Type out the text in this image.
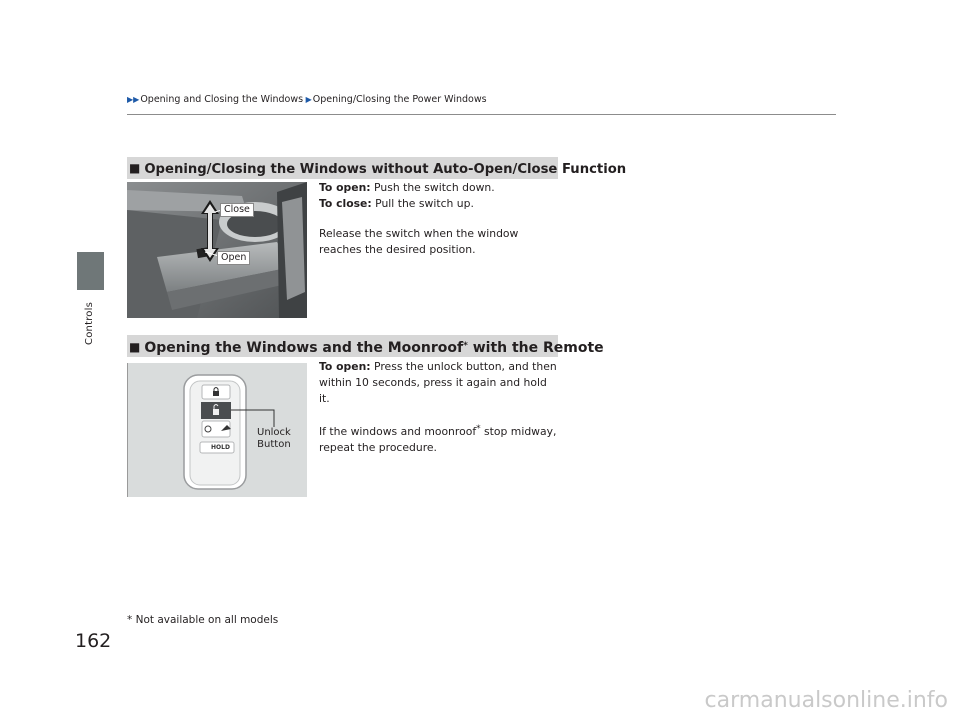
Controls
▶▶Opening and Closing the Windows ▶Opening/Closing the Power Windows
■ Opening/Closing the Windows without Auto-Open/Close Function
Close
Open

To open: Push the switch down.

To close: Pull the switch up.

Release the switch when the window reaches the desired position.

■ Opening the Windows and the Moonroof* with the Remote
HOLD
Unlock
Button

To open: Press the unlock button, and then within 10 seconds, press it again and hold it.

If the windows and moonroof* stop midway, repeat the procedure.

* Not available on all models
162
carmanualsonline.info
